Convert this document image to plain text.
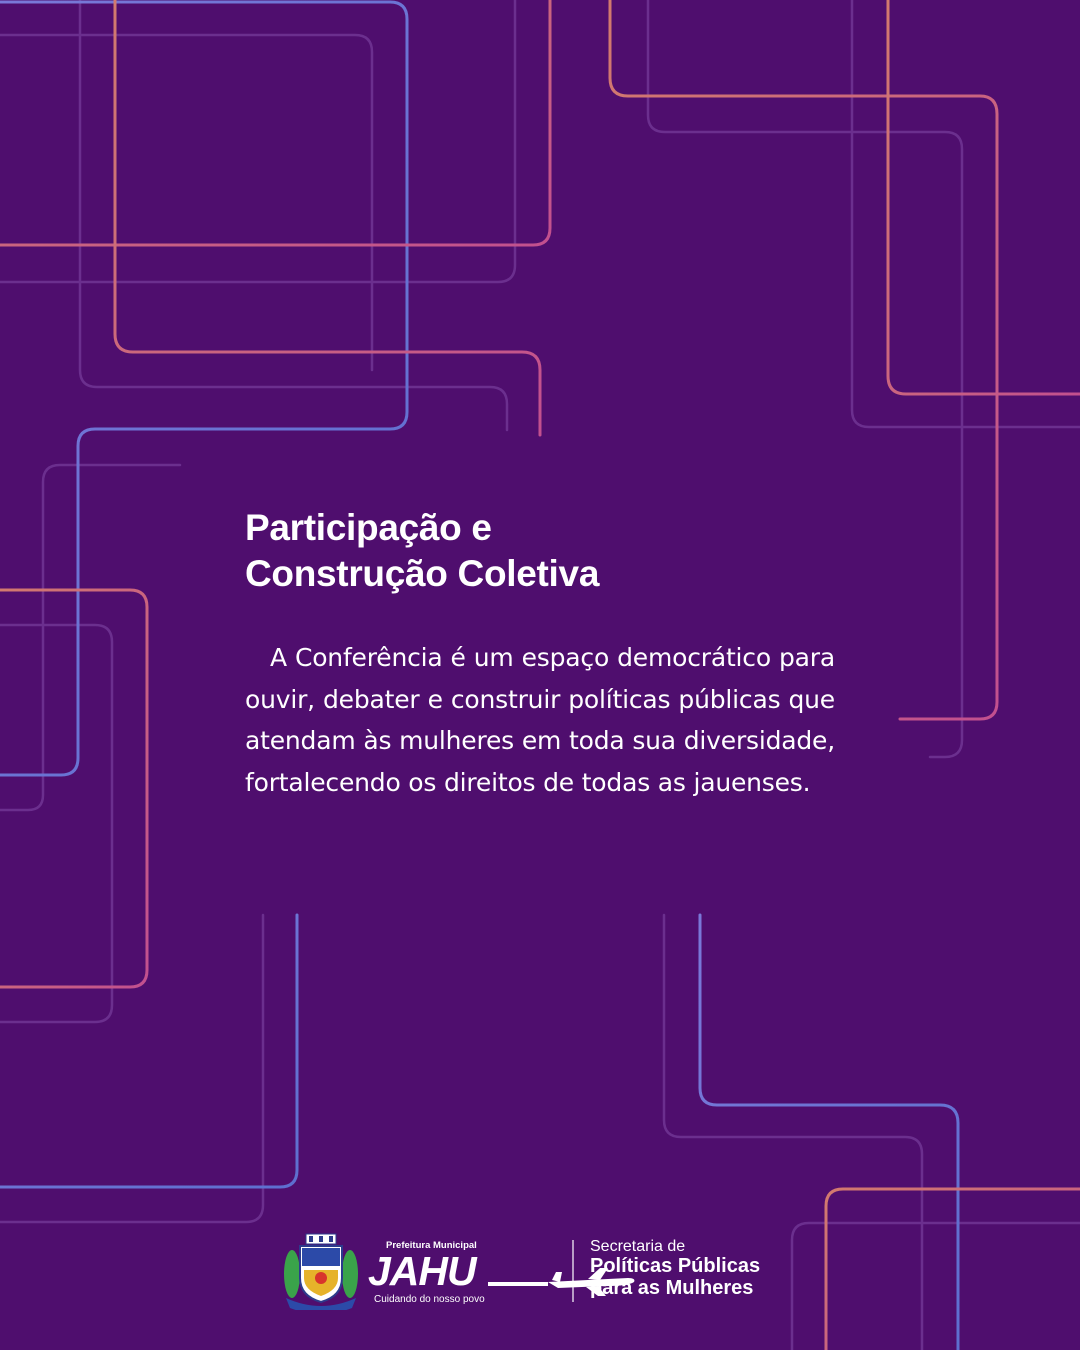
Participação e
Construção Coletiva

A Conferência é um espaço democrático para ouvir, debater e construir políticas públicas que atendam às mulheres em toda sua diversidade, fortalecendo os direitos de todas as jauenses.

Prefeitura Municipal
JAHU
Cuidando do nosso povo
Secretaria de
Políticas Públicas
para as Mulheres
